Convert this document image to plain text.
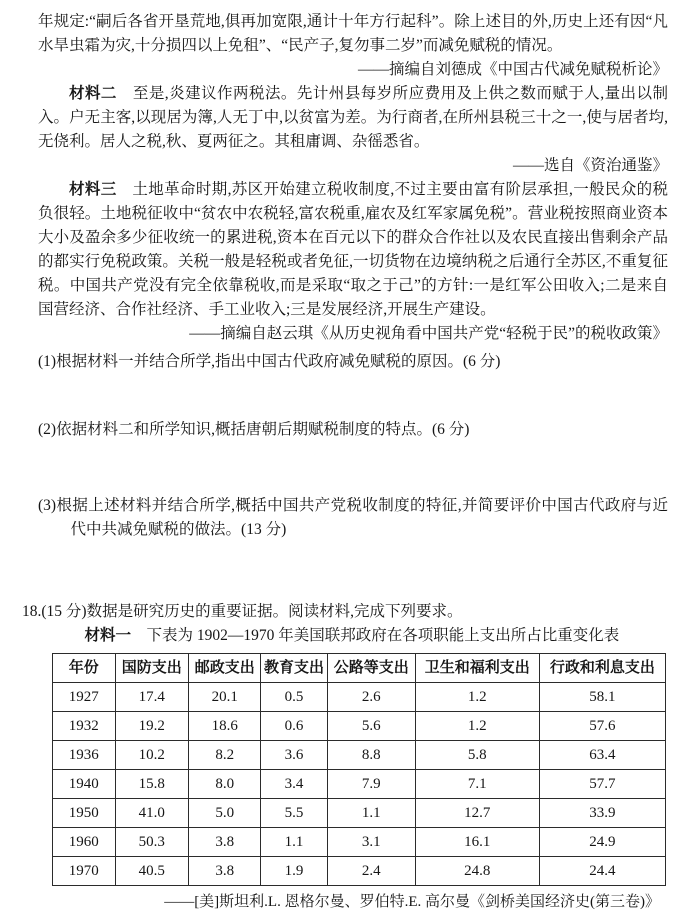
年规定:“嗣后各省开垦荒地,俱再加宽限,通计十年方行起科”。除上述目的外,历史上还有因“凡水旱虫霜为灾,十分损四以上免租”、“民产子,复勿事二岁”而减免赋税的情况。

——摘编自刘德成《中国古代减免赋税析论》

材料二　至是,炎建议作两税法。先计州县每岁所应费用及上供之数而赋于人,量出以制入。户无主客,以现居为簿,人无丁中,以贫富为差。为行商者,在所州县税三十之一,使与居者均,无侥利。居人之税,秋、夏两征之。其租庸调、杂徭悉省。

——选自《资治通鉴》

材料三　土地革命时期,苏区开始建立税收制度,不过主要由富有阶层承担,一般民众的税负很轻。土地税征收中“贫农中农税轻,富农税重,雇农及红军家属免税”。营业税按照商业资本大小及盈余多少征收统一的累进税,资本在百元以下的群众合作社以及农民直接出售剩余产品的都实行免税政策。关税一般是轻税或者免征,一切货物在边境纳税之后通行全苏区,不重复征税。中国共产党没有完全依靠税收,而是采取“取之于己”的方针:一是红军公田收入;二是来自国营经济、合作社经济、手工业收入;三是发展经济,开展生产建设。

——摘编自赵云琪《从历史视角看中国共产党“轻税于民”的税收政策》

(1)根据材料一并结合所学,指出中国古代政府减免赋税的原因。(6 分)

(2)依据材料二和所学知识,概括唐朝后期赋税制度的特点。(6 分)

(3)根据上述材料并结合所学,概括中国共产党税收制度的特征,并简要评价中国古代政府与近代中共减免赋税的做法。(13 分)

18.(15 分)数据是研究历史的重要证据。阅读材料,完成下列要求。

材料一　下表为 1902—1970 年美国联邦政府在各项职能上支出所占比重变化表

年份	国防支出	邮政支出	教育支出	公路等支出	卫生和福利支出	行政和利息支出
1927	17.4	20.1	0.5	2.6	1.2	58.1
1932	19.2	18.6	0.6	5.6	1.2	57.6
1936	10.2	8.2	3.6	8.8	5.8	63.4
1940	15.8	8.0	3.4	7.9	7.1	57.7
1950	41.0	5.0	5.5	1.1	12.7	33.9
1960	50.3	3.8	1.1	3.1	16.1	24.9
1970	40.5	3.8	1.9	2.4	24.8	24.4

——[美]斯坦利.L. 恩格尔曼、罗伯特.E. 高尔曼《剑桥美国经济史(第三卷)》
